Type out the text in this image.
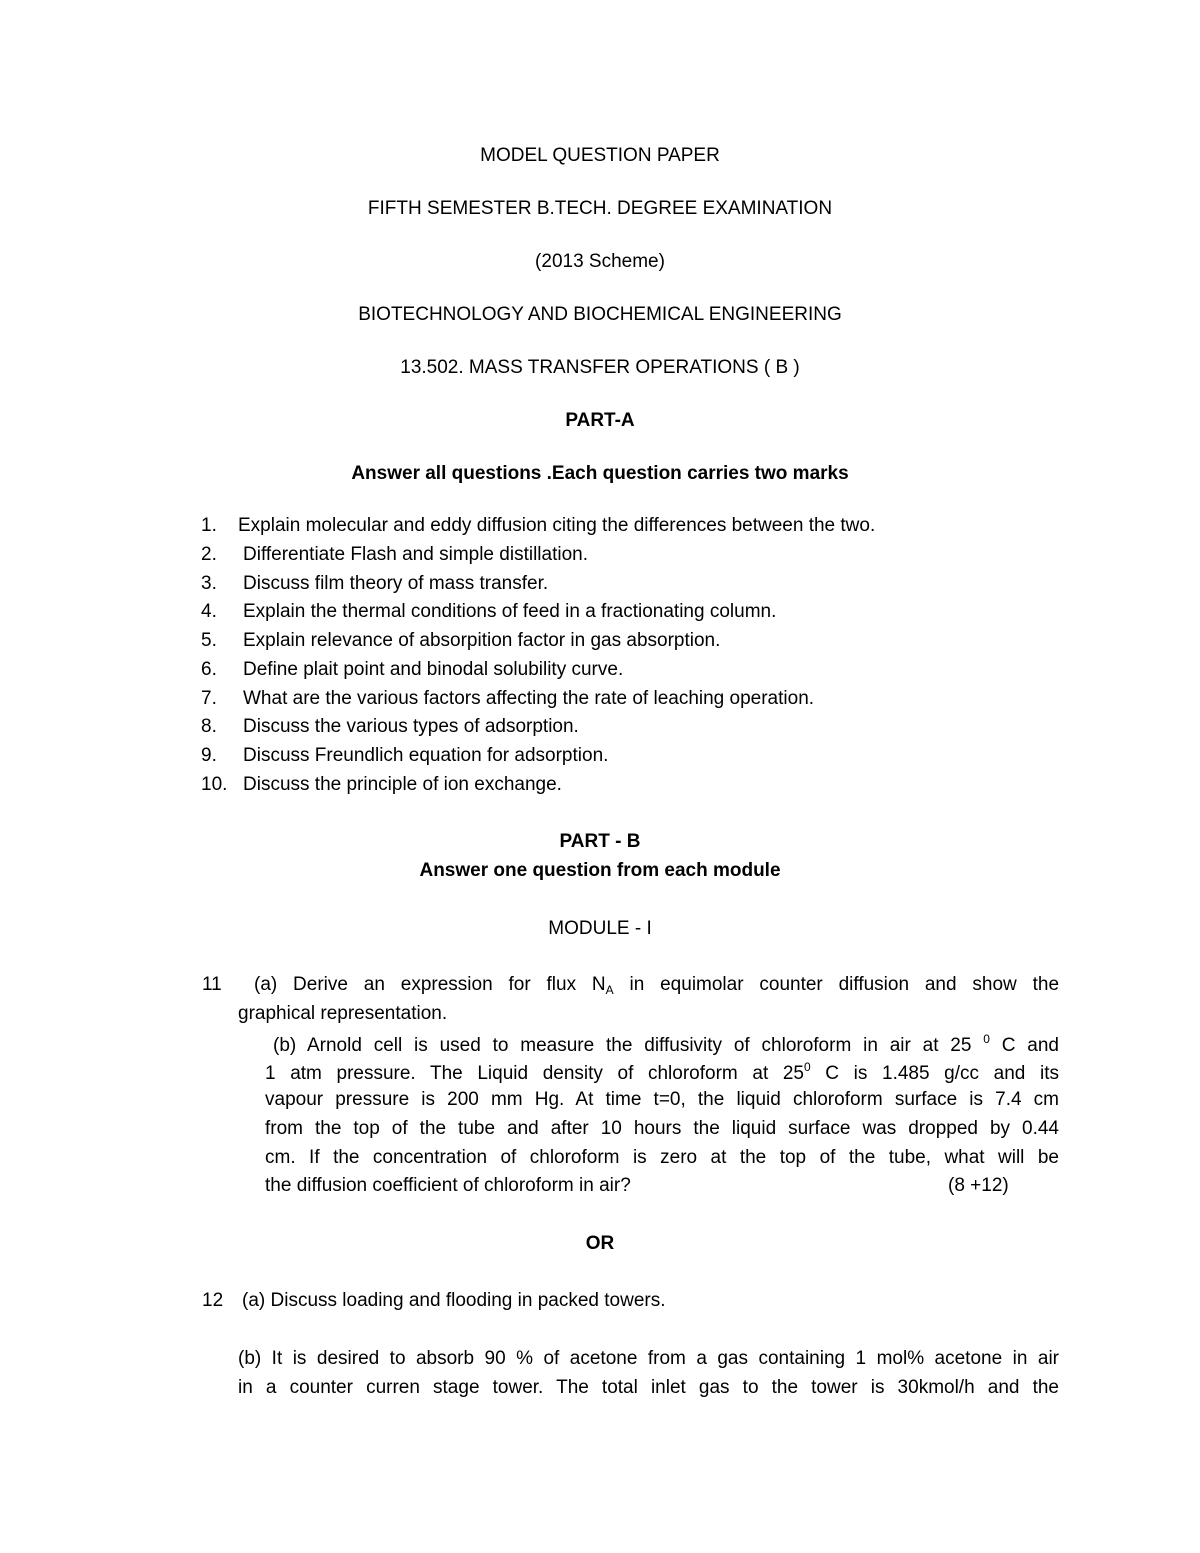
MODEL QUESTION PAPER
FIFTH SEMESTER B.TECH. DEGREE EXAMINATION
(2013 Scheme)
BIOTECHNOLOGY AND BIOCHEMICAL ENGINEERING
13.502. MASS TRANSFER OPERATIONS ( B )
PART-A
Answer all questions .Each question carries two marks
1. Explain molecular and eddy diffusion citing the differences between the two.
2. Differentiate Flash and simple distillation.
3. Discuss film theory of mass transfer.
4. Explain the thermal conditions of feed in a fractionating column.
5. Explain relevance of absorpition factor in gas absorption.
6. Define plait point and binodal solubility curve.
7. What are the various factors affecting the rate of leaching operation.
8. Discuss the various types of adsorption.
9. Discuss Freundlich equation for adsorption.
10. Discuss the principle of ion exchange.
PART - B
Answer one question from each module
MODULE - I
11 (a) Derive an expression for flux $N_A$ in equimolar counter diffusion and show the
graphical representation.
(b) Arnold cell is used to measure the diffusivity of chloroform in air at 25 $^0$ C and
1 atm pressure. The Liquid density of chloroform at $25^0$ C is 1.485 g/cc and its
vapour pressure is 200 mm Hg. At time t=0, the liquid chloroform surface is 7.4 cm
from the top of the tube and after 10 hours the liquid surface was dropped by 0.44
cm. If the concentration of chloroform is zero at the top of the tube, what will be
the diffusion coefficient of chloroform in air?	(8 +12)
OR
12 (a) Discuss loading and flooding in packed towers.
(b) It is desired to absorb 90 % of acetone from a gas containing 1 mol% acetone in air
in a counter curren stage tower. The total inlet gas to the tower is 30kmol/h and the
